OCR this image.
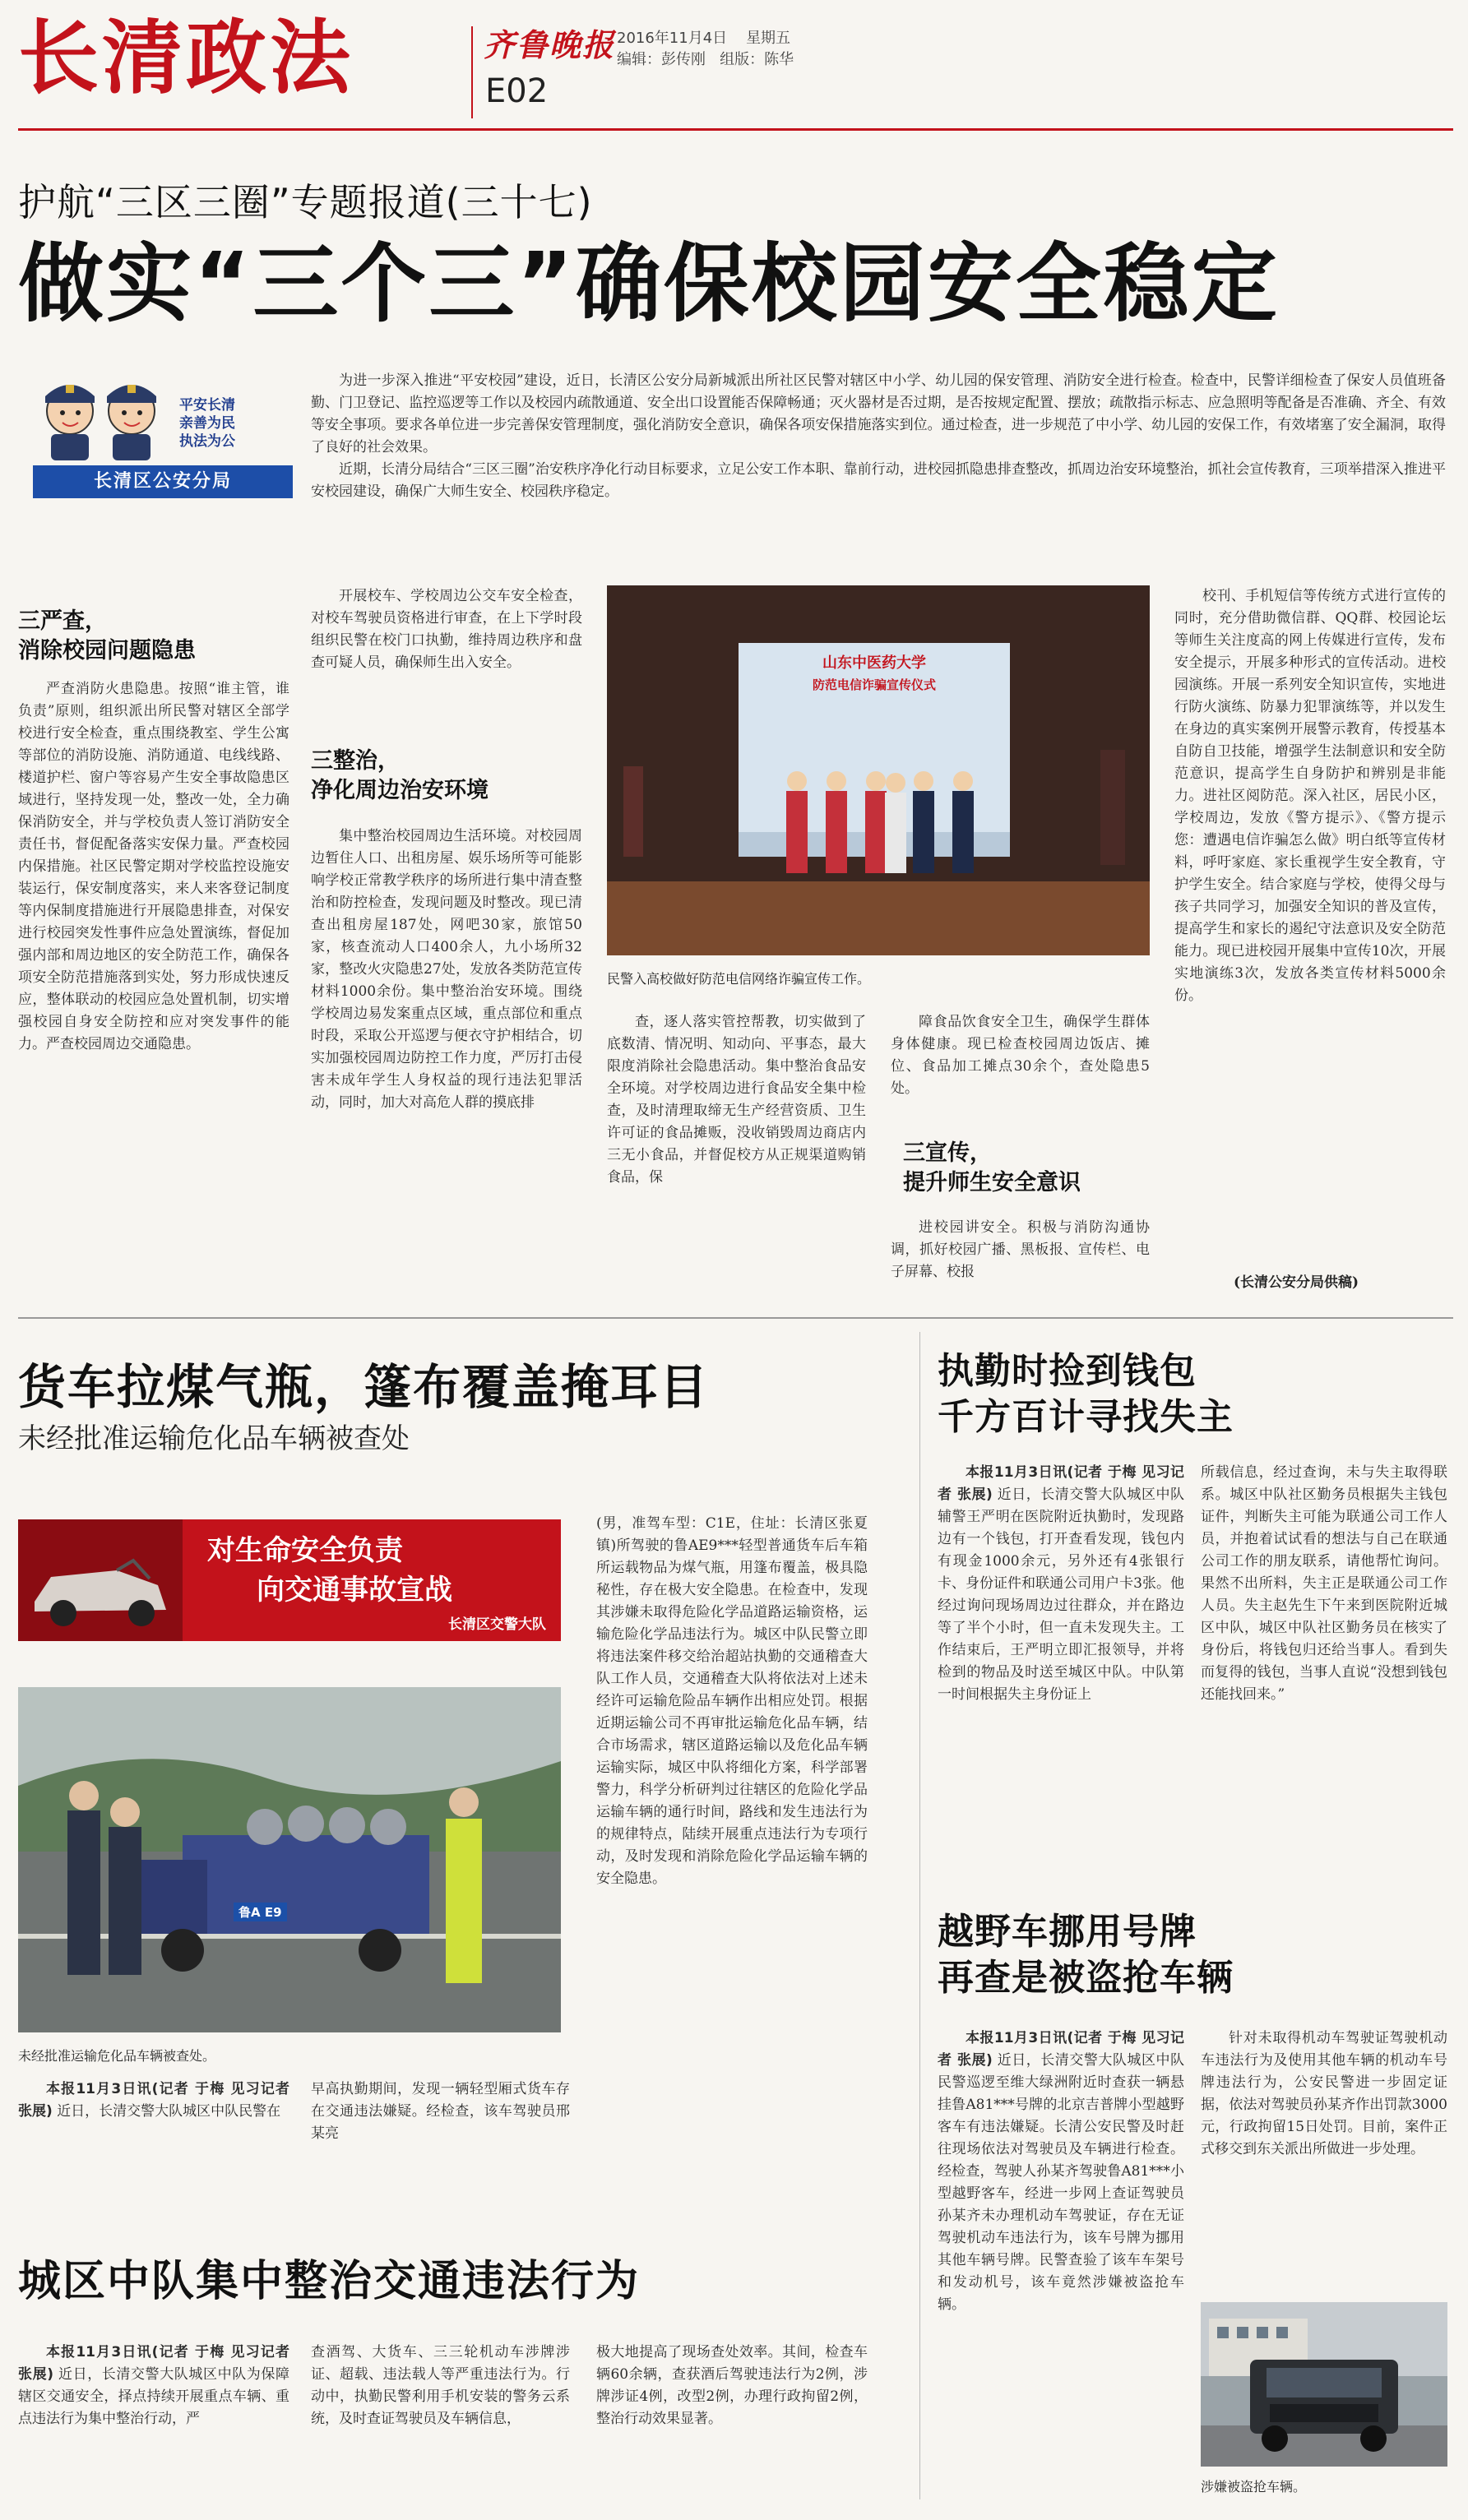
长清政法	齐鲁晚报 2016年11月4日 星期五
编辑：彭传刚 组版：陈华
E02
护航“三区三圈”专题报道(三十七)
做实“三个三”确保校园安全稳定
平安长清
亲善为民
执法为公
长清区公安分局

为进一步深入推进“平安校园”建设，近日，长清区公安分局新城派出所社区民警对辖区中小学、幼儿园的保安管理、消防安全进行检查。检查中，民警详细检查了保安人员值班备勤、门卫登记、监控巡逻等工作以及校园内疏散通道、安全出口设置能否保障畅通；灭火器材是否过期，是否按规定配置、摆放；疏散指示标志、应急照明等配备是否准确、齐全、有效等安全事项。要求各单位进一步完善保安管理制度，强化消防安全意识，确保各项安保措施落实到位。通过检查，进一步规范了中小学、幼儿园的安保工作，有效堵塞了安全漏洞，取得了良好的社会效果。

近期，长清分局结合“三区三圈”治安秩序净化行动目标要求，立足公安工作本职、靠前行动，进校园抓隐患排查整改，抓周边治安环境整治，抓社会宣传教育，三项举措深入推进平安校园建设，确保广大师生安全、校园秩序稳定。

三严查，
消除校园问题隐患

严查消防火患隐患。按照“谁主管，谁负责”原则，组织派出所民警对辖区全部学校进行安全检查，重点围绕教室、学生公寓等部位的消防设施、消防通道、电线线路、楼道护栏、窗户等容易产生安全事故隐患区域进行，坚持发现一处，整改一处，全力确保消防安全，并与学校负责人签订消防安全责任书，督促配备落实安保力量。严查校园内保措施。社区民警定期对学校监控设施安装运行，保安制度落实，来人来客登记制度等内保制度措施进行开展隐患排查，对保安进行校园突发性事件应急处置演练，督促加强内部和周边地区的安全防范工作，确保各项安全防范措施落到实处，努力形成快速反应，整体联动的校园应急处置机制，切实增强校园自身安全防控和应对突发事件的能力。严查校园周边交通隐患。

开展校车、学校周边公交车安全检查，对校车驾驶员资格进行审查，在上下学时段组织民警在校门口执勤，维持周边秩序和盘查可疑人员，确保师生出入安全。

三整治，
净化周边治安环境

集中整治校园周边生活环境。对校园周边暂住人口、出租房屋、娱乐场所等可能影响学校正常教学秩序的场所进行集中清查整治和防控检查，发现问题及时整改。现已清查出租房屋187处，网吧30家，旅馆50家，核查流动人口400余人，九小场所32家，整改火灾隐患27处，发放各类防范宣传材料1000余份。集中整治治安环境。围绕学校周边易发案重点区域，重点部位和重点时段，采取公开巡逻与便衣守护相结合，切实加强校园周边防控工作力度，严厉打击侵害未成年学生人身权益的现行违法犯罪活动，同时，加大对高危人群的摸底排

山东中医药大学
防范电信诈骗宣传仪式
民警入高校做好防范电信网络诈骗宣传工作。

查，逐人落实管控帮教，切实做到了底数清、情况明、知动向、平事态，最大限度消除社会隐患活动。集中整治食品安全环境。对学校周边进行食品安全集中检查，及时清理取缔无生产经营资质、卫生许可证的食品摊贩，没收销毁周边商店内三无小食品，并督促校方从正规渠道购销食品，保

障食品饮食安全卫生，确保学生群体身体健康。现已检查校园周边饭店、摊位、食品加工摊点30余个，查处隐患5处。

三宣传，
提升师生安全意识

进校园讲安全。积极与消防沟通协调，抓好校园广播、黑板报、宣传栏、电子屏幕、校报

校刊、手机短信等传统方式进行宣传的同时，充分借助微信群、QQ群、校园论坛等师生关注度高的网上传媒进行宣传，发布安全提示，开展多种形式的宣传活动。进校园演练。开展一系列安全知识宣传，实地进行防火演练、防暴力犯罪演练等，并以发生在身边的真实案例开展警示教育，传授基本自防自卫技能，增强学生法制意识和安全防范意识，提高学生自身防护和辨别是非能力。进社区阅防范。深入社区，居民小区，学校周边，发放《警方提示》、《警方提示您：遭遇电信诈骗怎么做》明白纸等宣传材料，呼吁家庭、家长重视学生安全教育，守护学生安全。结合家庭与学校，使得父母与孩子共同学习，加强安全知识的普及宣传，提高学生和家长的遏纪守法意识及安全防范能力。现已进校园开展集中宣传10次，开展实地演练3次，发放各类宣传材料5000余份。

(长清公安分局供稿)
货车拉煤气瓶，篷布覆盖掩耳目
未经批准运输危化品车辆被查处
对生命安全负责
向交通事故宣战
长清区交警大队
鲁A E9
未经批准运输危化品车辆被查处。

本报11月3日讯(记者 于梅 见习记者 张展) 近日，长清交警大队城区中队民警在

早高执勤期间，发现一辆轻型厢式货车存在交通违法嫌疑。经检查，该车驾驶员邢某亮

(男，准驾车型：C1E，住址：长清区张夏镇)所驾驶的鲁AE9***轻型普通货车后车箱所运载物品为煤气瓶，用篷布覆盖，极具隐秘性，存在极大安全隐患。在检查中，发现其涉嫌未取得危险化学品道路运输资格，运输危险化学品违法行为。城区中队民警立即将违法案件移交给治超站执勤的交通稽查大队工作人员，交通稽查大队将依法对上述未经许可运输危险品车辆作出相应处罚。根据近期运输公司不再审批运输危化品车辆，结合市场需求，辖区道路运输以及危化品车辆运输实际，城区中队将细化方案，科学部署警力，科学分析研判过往辖区的危险化学品运输车辆的通行时间，路线和发生违法行为的规律特点，陆续开展重点违法行为专项行动，及时发现和消除危险化学品运输车辆的安全隐患。

城区中队集中整治交通违法行为

本报11月3日讯(记者 于梅 见习记者 张展) 近日，长清交警大队城区中队为保障辖区交通安全，择点持续开展重点车辆、重点违法行为集中整治行动，严

查酒驾、大货车、三三轮机动车涉牌涉证、超载、违法载人等严重违法行为。行动中，执勤民警利用手机安装的警务云系统，及时查证驾驶员及车辆信息，

极大地提高了现场查处效率。其间，检查车辆60余辆，查获酒后驾驶违法行为2例，涉牌涉证4例，改型2例，办理行政拘留2例，整治行动效果显著。

执勤时捡到钱包
千方百计寻找失主

本报11月3日讯(记者 于梅 见习记者 张展) 近日，长清交警大队城区中队辅警王严明在医院附近执勤时，发现路边有一个钱包，打开查看发现，钱包内有现金1000余元，另外还有4张银行卡、身份证件和联通公司用户卡3张。他经过询问现场周边过往群众，并在路边等了半个小时，但一直未发现失主。工作结束后，王严明立即汇报领导，并将检到的物品及时送至城区中队。中队第一时间根据失主身份证上

所载信息，经过查询，未与失主取得联系。城区中队社区勤务员根据失主钱包证件，判断失主可能为联通公司工作人员，并抱着试试看的想法与自己在联通公司工作的朋友联系，请他帮忙询问。果然不出所料，失主正是联通公司工作人员。失主赵先生下午来到医院附近城区中队，城区中队社区勤务员在核实了身份后，将钱包归还给当事人。看到失而复得的钱包，当事人直说“没想到钱包还能找回来。”

越野车挪用号牌
再查是被盗抢车辆

本报11月3日讯(记者 于梅 见习记者 张展) 近日，长清交警大队城区中队民警巡逻至维大绿洲附近时查获一辆悬挂鲁A81***号牌的北京吉普牌小型越野客车有违法嫌疑。长清公安民警及时赶往现场依法对驾驶员及车辆进行检查。经检查，驾驶人孙某齐驾驶鲁A81***小型越野客车，经进一步网上查证驾驶员孙某齐未办理机动车驾驶证，存在无证驾驶机动车违法行为，该车号牌为挪用其他车辆号牌。民警查验了该车车架号和发动机号，该车竟然涉嫌被盗抢车辆。

针对未取得机动车驾驶证驾驶机动车违法行为及使用其他车辆的机动车号牌违法行为，公安民警进一步固定证据，依法对驾驶员孙某齐作出罚款3000元，行政拘留15日处罚。目前，案件正式移交到东关派出所做进一步处理。

涉嫌被盗抢车辆。
